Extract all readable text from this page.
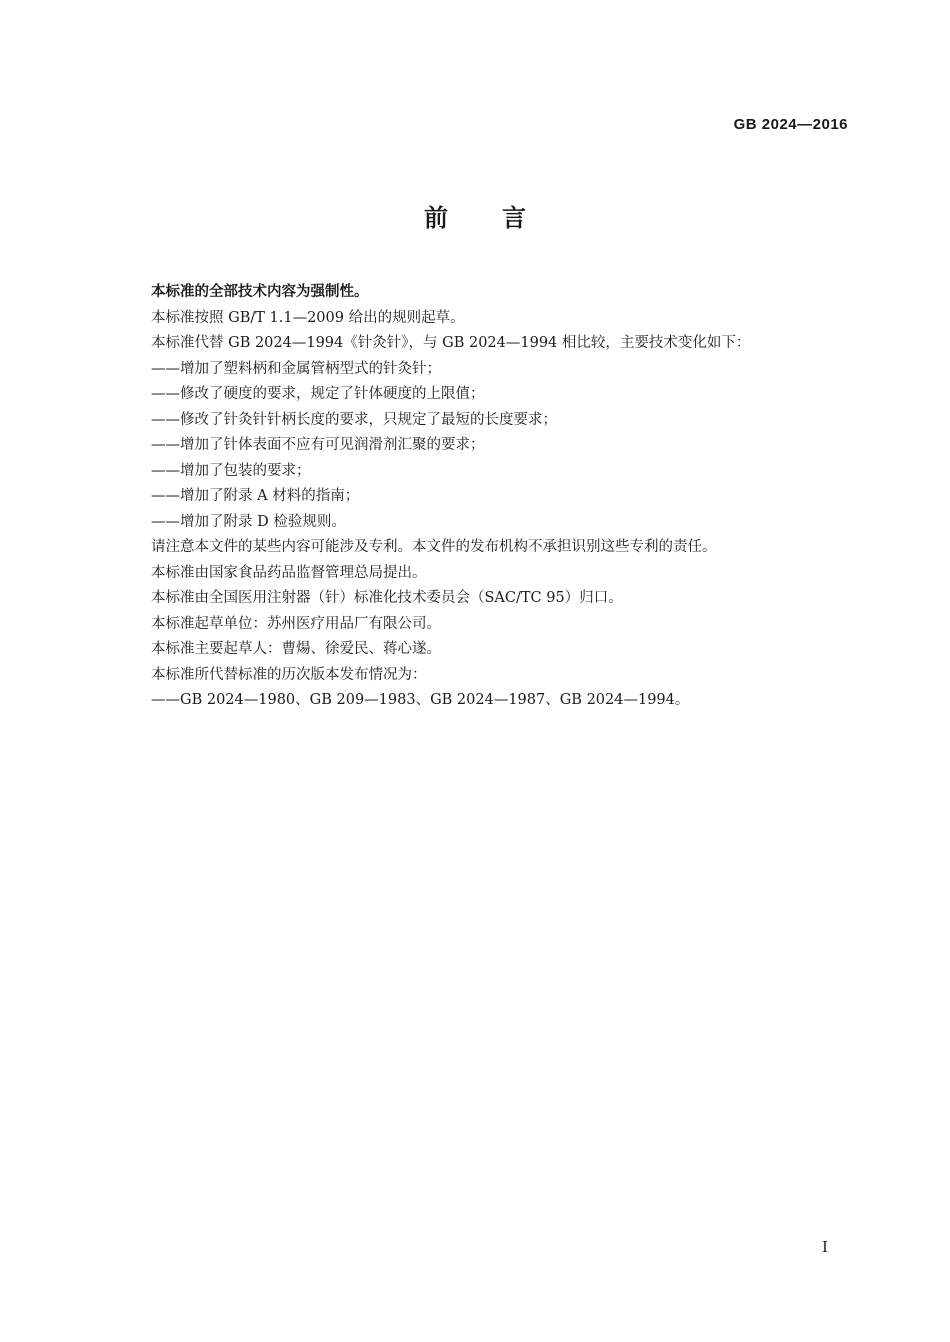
GB 2024—2016
前言

本标准的全部技术内容为强制性。

本标准按照 GB/T 1.1—2009 给出的规则起草。

本标准代替 GB 2024—1994《针灸针》，与 GB 2024—1994 相比较，主要技术变化如下：

——增加了塑料柄和金属管柄型式的针灸针；

——修改了硬度的要求，规定了针体硬度的上限值；

——修改了针灸针针柄长度的要求，只规定了最短的长度要求；

——增加了针体表面不应有可见润滑剂汇聚的要求；

——增加了包装的要求；

——增加了附录 A 材料的指南；

——增加了附录 D 检验规则。

请注意本文件的某些内容可能涉及专利。本文件的发布机构不承担识别这些专利的责任。

本标准由国家食品药品监督管理总局提出。

本标准由全国医用注射器（针）标准化技术委员会（SAC/TC 95）归口。

本标准起草单位：苏州医疗用品厂有限公司。

本标准主要起草人：曹煬、徐爱民、蒋心遂。

本标准所代替标准的历次版本发布情况为：

——GB 2024—1980、GB 209—1983、GB 2024—1987、GB 2024—1994。

I
